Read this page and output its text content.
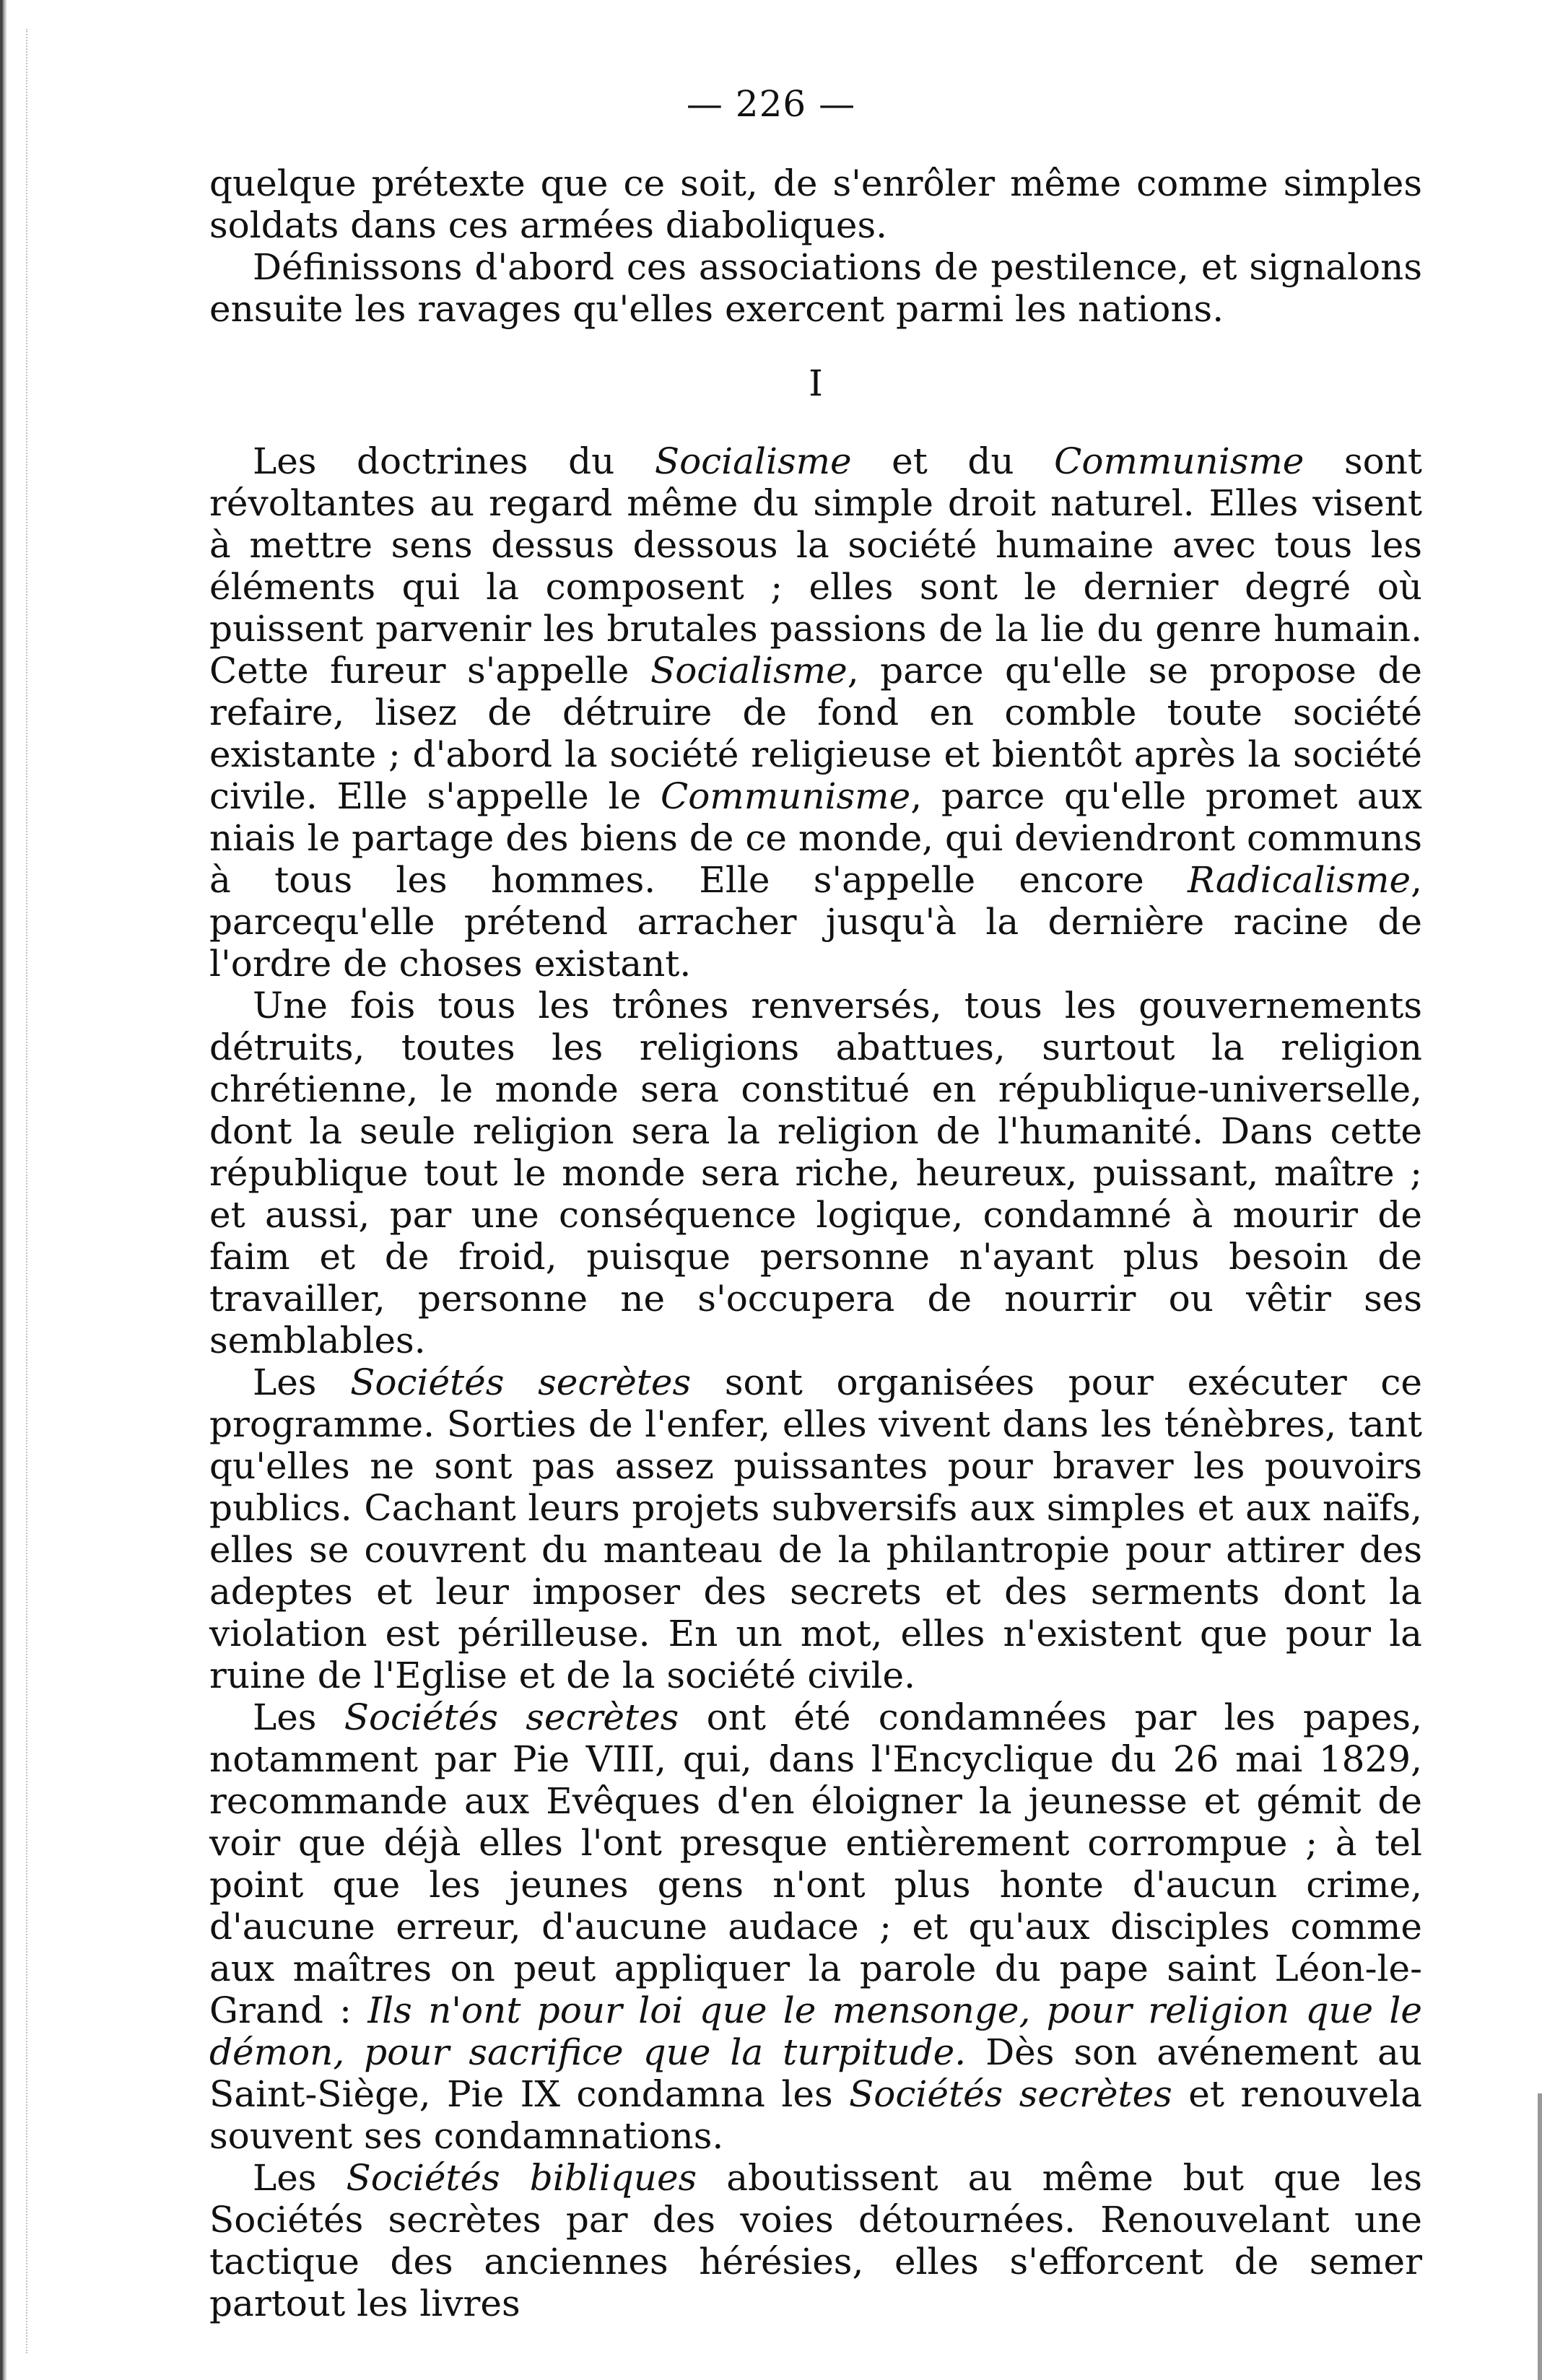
— 226 —

quelque prétexte que ce soit, de s'enrôler même comme simples soldats dans ces armées diaboliques.

Définissons d'abord ces associations de pestilence, et signalons ensuite les ravages qu'elles exercent parmi les nations.

I

Les doctrines du Socialisme et du Communisme sont révoltantes au regard même du simple droit naturel. Elles visent à mettre sens dessus dessous la société humaine avec tous les éléments qui la composent ; elles sont le dernier degré où puissent parvenir les brutales passions de la lie du genre humain. Cette fureur s'appelle Socialisme, parce qu'elle se propose de refaire, lisez de détruire de fond en comble toute société existante ; d'abord la société religieuse et bientôt après la société civile. Elle s'appelle le Communisme, parce qu'elle promet aux niais le partage des biens de ce monde, qui deviendront communs à tous les hommes. Elle s'appelle encore Radicalisme, parcequ'elle prétend arracher jusqu'à la dernière racine de l'ordre de choses existant.

Une fois tous les trônes renversés, tous les gouvernements détruits, toutes les religions abattues, surtout la religion chrétienne, le monde sera constitué en république-universelle, dont la seule religion sera la religion de l'humanité. Dans cette république tout le monde sera riche, heureux, puissant, maître ; et aussi, par une conséquence logique, condamné à mourir de faim et de froid, puisque personne n'ayant plus besoin de travailler, personne ne s'occupera de nourrir ou vêtir ses semblables.

Les Sociétés secrètes sont organisées pour exécuter ce programme. Sorties de l'enfer, elles vivent dans les ténèbres, tant qu'elles ne sont pas assez puissantes pour braver les pouvoirs publics. Cachant leurs projets subversifs aux simples et aux naïfs, elles se couvrent du manteau de la philantropie pour attirer des adeptes et leur imposer des secrets et des serments dont la violation est périlleuse. En un mot, elles n'existent que pour la ruine de l'Eglise et de la société civile.

Les Sociétés secrètes ont été condamnées par les papes, notamment par Pie VIII, qui, dans l'Encyclique du 26 mai 1829, recommande aux Evêques d'en éloigner la jeunesse et gémit de voir que déjà elles l'ont presque entièrement corrompue ; à tel point que les jeunes gens n'ont plus honte d'aucun crime, d'aucune erreur, d'aucune audace ; et qu'aux disciples comme aux maîtres on peut appliquer la parole du pape saint Léon-le-Grand : Ils n'ont pour loi que le mensonge, pour religion que le démon, pour sacrifice que la turpitude. Dès son avénement au Saint-Siège, Pie IX condamna les Sociétés secrètes et renouvela souvent ses condamnations.

Les Sociétés bibliques aboutissent au même but que les Sociétés secrètes par des voies détournées. Renouvelant une tactique des anciennes hérésies, elles s'efforcent de semer partout les livres
